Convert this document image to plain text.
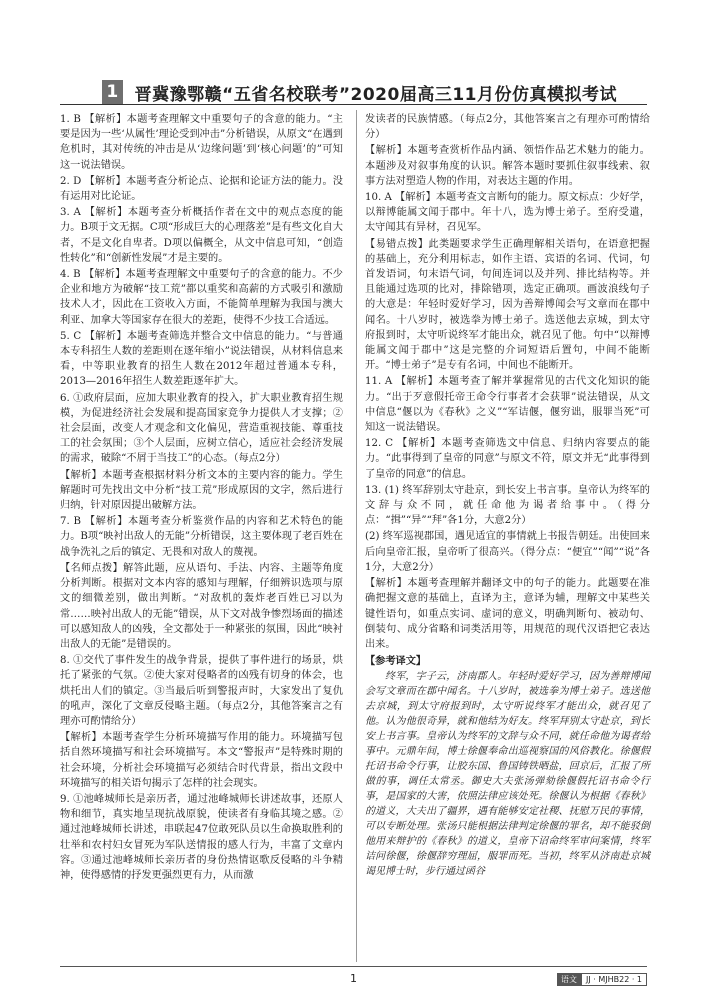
1 晋冀豫鄂赣“五省名校联考”2020届高三11月份仿真模拟考试

1. B 【解析】本题考查理解文中重要句子的含意的能力。“主要是因为一些‘从属性’理论受到冲击”分析错误，从原文“在遇到危机时，其对传统的冲击是从‘边缘问题’到‘核心问题’的”可知这一说法错误。

2. D 【解析】本题考查分析论点、论据和论证方法的能力。没有运用对比论证。

3. A 【解析】本题考查分析概括作者在文中的观点态度的能力。B项于文无据。C项“形成巨大的心理落差”是有些文化自大者，不是文化自卑者。D项以偏概全，从文中信息可知，“创造性转化”和“创新性发展”才是主要的。

4. B 【解析】本题考查理解文中重要句子的含意的能力。不少企业和地方为破解“技工荒”都以重奖和高薪的方式吸引和激励技术人才，因此在工资收入方面，不能简单理解为我国与澳大利亚、加拿大等国家存在很大的差距，使得不少技工合适远。

5. C 【解析】本题考查筛选并整合文中信息的能力。“与普通本专科招生人数的差距则在逐年缩小”说法错误，从材料信息来看，中等职业教育的招生人数在2012年超过普通本专科，2013—2016年招生人数差距逐年扩大。

6. ①政府层面，应加大职业教育的投入，扩大职业教育招生规模，为促进经济社会发展和提高国家竞争力提供人才支撑；②社会层面，改变人才观念和文化偏见，营造重视技能、尊重技工的社会氛围；③个人层面，应树立信心，适应社会经济发展的需求，破除“不屑于当技工”的心态。（每点2分）

【解析】本题考查根据材料分析文本的主要内容的能力。学生解题时可先找出文中分析“技工荒”形成原因的文字，然后进行归纳，针对原因提出破解方法。

7. B 【解析】本题考查分析鉴赏作品的内容和艺术特色的能力。B项“映衬出敌人的无能”分析错误，这主要体现了老百姓在战争洗礼之后的镇定、无畏和对敌人的蔑视。

【名师点拨】解答此题，应从语句、手法、内容、主题等角度分析判断。根据对文本内容的感知与理解，仔细辨识选项与原文的细微差别，做出判断。“对敌机的轰炸老百姓已习以为常……映衬出敌人的无能”错误，从下文对战争惨烈场面的描述可以感知敌人的凶残，全文都处于一种紧张的氛围，因此“映衬出敌人的无能”是错误的。

8. ①交代了事件发生的战争背景，提供了事件进行的场景，烘托了紧张的气氛。②使大家对侵略者的凶残有切身的体会，也烘托出人们的镇定。③当最后听到警报声时，大家发出了复仇的吼声，深化了文章反侵略主题。（每点2分，其他答案言之有理亦可酌情给分）

【解析】本题考查学生分析环境描写作用的能力。环境描写包括自然环境描写和社会环境描写。本文“警报声”是特殊时期的社会环境，分析社会环境描写必须结合时代背景，指出文段中环境描写的相关语句揭示了怎样的社会现实。

9. ①池峰城师长是亲历者，通过池峰城师长讲述故事，还原人物和细节，真实地呈现抗战原貌，使读者有身临其境之感。②通过池峰城师长讲述，串联起47位敢死队员以生命换取胜利的壮举和农村妇女冒死为军队送情报的感人行为，丰富了文章内容。③通过池峰城师长亲历者的身份热情讴歌反侵略的斗争精神，使得感情的抒发更强烈更有力，从而激

发读者的民族情感。（每点2分，其他答案言之有理亦可酌情给分）

【解析】本题考查赏析作品内涵、领悟作品艺术魅力的能力。本题涉及对叙事角度的认识。解答本题时要抓住叙事线索、叙事方法对塑造人物的作用，对表达主题的作用。

10. A 【解析】本题考查文言断句的能力。原文标点：少好学，以辩博能属文闻于郡中。年十八，选为博士弟子。至府受遣，太守闻其有异材，召见军。

【易错点拨】此类题要求学生正确理解相关语句，在语意把握的基础上，充分利用标志，如作主语、宾语的名词、代词，句首发语词，句末语气词，句间连词以及并列、排比结构等。并且能通过选项的比对，排除错项，选定正确项。画波浪线句子的大意是：年轻时爱好学习，因为善辩博闻会写文章而在郡中闻名。十八岁时，被选拳为博士弟子。选送他去京城，到太守府报到时，太守听说终军才能出众，就召见了他。句中“以辩博能属文闻于郡中”这是完整的介词短语后置句，中间不能断开。“博士弟子”是专有名词，中间也不能断开。

11. A 【解析】本题考查了解并掌握常见的古代文化知识的能力。“出于歹意假托帝王命令行事者才会获罪”说法错误，从文中信息“偃以为《春秋》之义”“军诘偃，偃穷诎，服罪当死”可知这一说法错误。

12. C 【解析】本题考查筛选文中信息、归纳内容要点的能力。“此事得到了皇帝的同意”与原文不符，原文并无“此事得到了皇帝的同意”的信息。

13. (1) 终军辞别太守赴京，到长安上书言事。皇帝认为终军的文辞与众不同，就任命他为谒者给事中。（得分点：“揖”“异”“拜”各1分，大意2分）

(2) 终军巡视郡国，遇见适宜的事情就上书报告朝廷。出使回来后向皇帝汇报，皇帝听了很高兴。（得分点：“便宜”“闻”“说”各1分，大意2分）

【解析】本题考查理解并翻译文中的句子的能力。此题要在准确把握文意的基础上，直译为主，意译为辅，理解文中某些关键性语句，如重点实词、虚词的意义，明确判断句、被动句、倒装句、成分省略和词类活用等，用规范的现代汉语把它表达出来。

【参考译文】

终军，字子云，济南郡人。年轻时爱好学习，因为善辩博闻会写文章而在郡中闻名。十八岁时，被选拳为博士弟子。选送他去京城，到太守府报到时，太守听说终军才能出众，就召见了他。认为他很奇异，就和他结为好友。终军拜别太守赴京，到长安上书言事。皇帝认为终军的文辞与众不同，就任命他为谒者给事中。元鼎年间，博士徐偃奉命出巡视察国的风俗教化。徐偃假托诏书命令行事，让胶东国、鲁国铸铁晒盐，回京后，汇报了所做的事，调任太常丞。御史大夫张汤弹劾徐偃假托诏书命令行事，是国家的大害，依照法律应该处死。徐偃认为根据《春秋》的道义，大夫出了疆界，遇有能够安定社稷、抚慰万民的事情，可以专断处理。张汤只能根据法律判定徐偃的罪名，却不能驳倒他用来辩护的《春秋》的道义，皇帝下诏命终军审问案情，终军诘问徐偃，徐偃辞穷理屈，服罪而死。当初，终军从济南赴京城谒见博士时，步行通过函谷

1	语文	JJ · MJHB22 · 1
